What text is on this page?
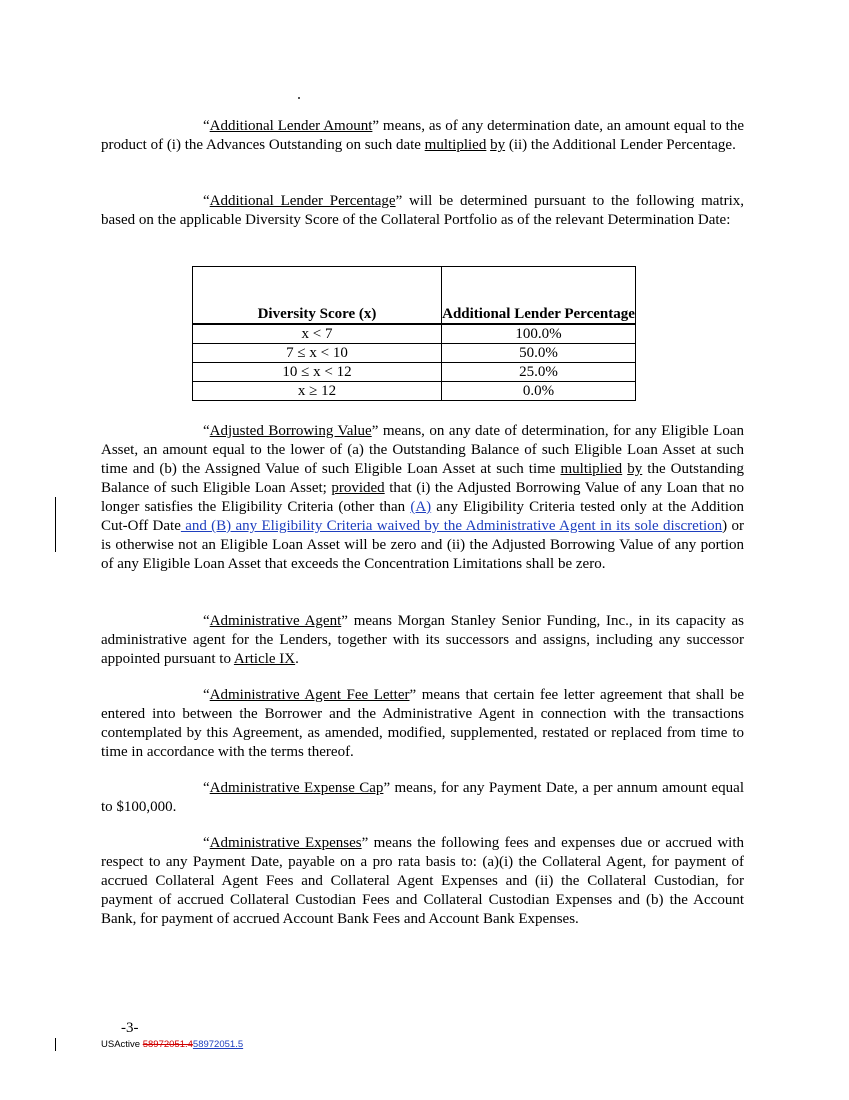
“Additional Lender Amount” means, as of any determination date, an amount equal to the product of (i) the Advances Outstanding on such date multiplied by (ii) the Additional Lender Percentage.

“Additional Lender Percentage” will be determined pursuant to the following matrix, based on the applicable Diversity Score of the Collateral Portfolio as of the relevant Determination Date:

Diversity Score (x)	Additional Lender Percentage
x < 7	100.0%
7 ≤ x < 10	50.0%
10 ≤ x < 12	25.0%
x ≥ 12	0.0%

“Adjusted Borrowing Value” means, on any date of determination, for any Eligible Loan Asset, an amount equal to the lower of (a) the Outstanding Balance of such Eligible Loan Asset at such time and (b) the Assigned Value of such Eligible Loan Asset at such time multiplied by the Outstanding Balance of such Eligible Loan Asset; provided that (i) the Adjusted Borrowing Value of any Loan that no longer satisfies the Eligibility Criteria (other than (A) any Eligibility Criteria tested only at the Addition Cut-Off Date and (B) any Eligibility Criteria waived by the Administrative Agent in its sole discretion) or is otherwise not an Eligible Loan Asset will be zero and (ii) the Adjusted Borrowing Value of any portion of any Eligible Loan Asset that exceeds the Concentration Limitations shall be zero.

“Administrative Agent” means Morgan Stanley Senior Funding, Inc., in its capacity as administrative agent for the Lenders, together with its successors and assigns, including any successor appointed pursuant to Article IX.

“Administrative Agent Fee Letter” means that certain fee letter agreement that shall be entered into between the Borrower and the Administrative Agent in connection with the transactions contemplated by this Agreement, as amended, modified, supplemented, restated or replaced from time to time in accordance with the terms thereof.

“Administrative Expense Cap” means, for any Payment Date, a per annum amount equal to $100,000.

“Administrative Expenses” means the following fees and expenses due or accrued with respect to any Payment Date, payable on a pro rata basis to: (a)(i) the Collateral Agent, for payment of accrued Collateral Agent Fees and Collateral Agent Expenses and (ii) the Collateral Custodian, for payment of accrued Collateral Custodian Fees and Collateral Custodian Expenses and (b) the Account Bank, for payment of accrued Account Bank Fees and Account Bank Expenses.

-3-
USActive 58972051.458972051.5
